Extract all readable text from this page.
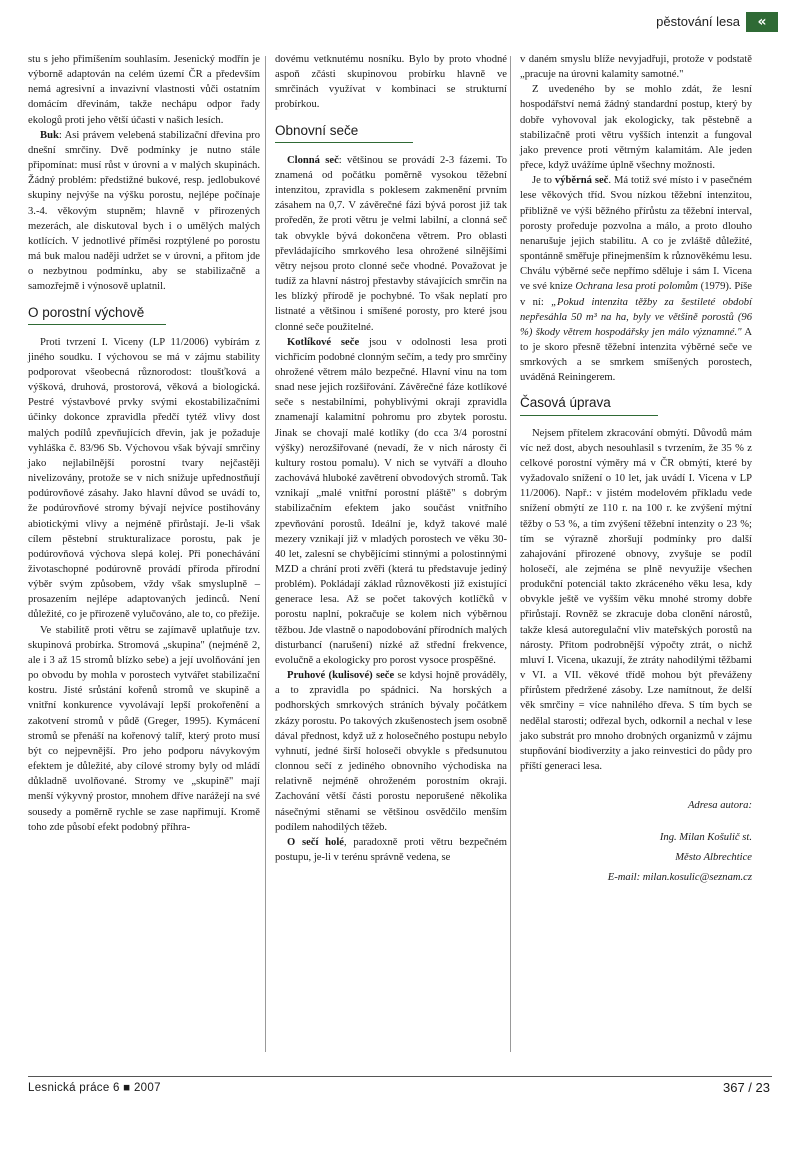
pěstování lesa	«

stu s jeho přimíšením souhlasím. Jesenický modřín je výborně adaptován na celém území ČR a především nemá agresivní a invazivní vlastnosti vůči ostatním domácím dřevinám, takže nechápu odpor řady ekologů proti jeho větší účasti v našich lesích.

Buk: Asi právem velebená stabilizační dřevina pro dnešní smrčiny. Dvě podmínky je nutno stále připomínat: musí růst v úrovni a v malých skupinách. Žádný problém: předstižné bukové, resp. jedlobukové skupiny nejvýše na výšku porostu, nejlépe počínaje 3.-4. věkovým stupněm; hlavně v přirozených mezerách, ale diskutoval bych i o umělých malých kotlících. V jednotlivé příměsi rozptýlené po porostu má buk malou naději udržet se v úrovni, a přitom jde o nezbytnou podmínku, aby se stabilizačně a samozřejmě i výnosově uplatnil.

O porostní výchově

Proti tvrzení I. Viceny (LP 11/2006) vybírám z jiného soudku. I výchovou se má v zájmu stability podporovat všeobecná různorodost: tloušťková a výšková, druhová, prostorová, věková a biologická. Pestré výstavbové prvky svými ekostabilizačními účinky dokonce zpravidla předčí tytéž vlivy dost malých podílů zpevňujících dřevin, jak je požaduje vyhláška č. 83/96 Sb. Výchovou však bývají smrčiny jako nejlabilnější porostní tvary nejčastěji nivelizovány, protože se v nich snižuje upřednostňují podúrovňové zásahy. Jako hlavní důvod se uvádí to, že podúrovňové stromy bývají nejvíce postihovány abiotickými vlivy a nejméně přirůstají. Je-li však cílem pěstební strukturalizace porostu, pak je podúrovňová výchova slepá kolej. Při ponechávání životaschopné podúrovně provádí příroda přírodní výběr svým způsobem, vždy však smysluplně – prosazením nejlépe adaptovaných jedinců. Není důležité, co je přirozeně vylučováno, ale to, co přežije.

Ve stabilitě proti větru se zajímavě uplatňuje tzv. skupinová probírka. Stromová „skupina" (nejméně 2, ale i 3 až 15 stromů blízko sebe) a její uvolňování jen po obvodu by mohla v porostech vytvářet stabilizační kostru. Jisté srůstání kořenů stromů ve skupině a vnitřní konkurence vyvolávají lepší prokořenění a zakotvení stromů v půdě (Greger, 1995). Kymácení stromů se přenáší na kořenový talíř, který proto musí být co nejpevnější. Pro jeho podporu návykovým efektem je důležité, aby cílové stromy byly od mládí důkladně uvolňované. Stromy ve „skupině" mají menší výkyvný prostor, mnohem dříve narážejí na své sousedy a poměrně rychle se zase napřimují. Kromě toho zde působí efekt podobný příhra-

dovému vetknutému nosníku. Bylo by proto vhodné aspoň zčásti skupinovou probírku hlavně ve smrčinách využívat v kombinaci se strukturní probírkou.

Obnovní seče

Clonná seč: většinou se provádí 2-3 fázemi. To znamená od počátku poměrně vysokou těžební intenzitou, zpravidla s poklesem zakmenění prvním zásahem na 0,7. V závěrečné fázi bývá porost již tak proředěn, že proti větru je velmi labilní, a clonná seč tak obvykle bývá dokončena větrem. Pro oblasti převládajícího smrkového lesa ohrožené silnějšími větry nejsou proto clonné seče vhodné. Považovat je tudíž za hlavní nástroj přestavby stávajících smrčin na les blízký přírodě je pochybné. To však neplatí pro listnaté a většinou i smíšené porosty, pro které jsou clonné seče použitelné.

Kotlíkové seče jsou v odolnosti lesa proti vichřicím podobné clonným sečím, a tedy pro smrčiny ohrožené větrem málo bezpečné. Hlavní vinu na tom snad nese jejich rozšiřování. Závěrečné fáze kotlíkové seče s nestabilními, pohyblivými okraji zpravidla znamenají kalamitní pohromu pro zbytek porostu. Jinak se chovají malé kotlíky (do cca 3/4 porostní výšky) nerozšiřované (nevadí, že v nich nárosty či kultury rostou pomalu). V nich se vytváří a dlouho zachovává hluboké zavětrení obvodových stromů. Tak vznikají „malé vnitřní porostní pláště" s dobrým stabilizačním efektem jako součást vnitřního zpevňování porostů. Ideální je, když takové malé mezery vznikají již v mladých porostech ve věku 30-40 let, zalesní se chybějícími stinnými a polostinnými MZD a chrání proti zvěři (která tu představuje jediný problém). Pokládají základ různověkosti již existující generace lesa. Až se počet takových kotlíčků v porostu naplní, pokračuje se kolem nich výběrnou těžbou. Jde vlastně o napodobování přírodních malých disturbancí (narušení) nízké až střední frekvence, evolučně a ekologicky pro porost vysoce prospěšné.

Pruhové (kulisové) seče se kdysi hojně prováděly, a to zpravidla po spádnici. Na horských a podhorských smrkových stráních bývaly počátkem zkázy porostu. Po takových zkušenostech jsem osobně dával přednost, když už z holosečného postupu nebylo vyhnutí, jedné širší holoseči obvykle s předsunutou clonnou sečí z jediného obnovního východiska na relativně nejméně ohroženém porostním okraji. Zachování větší části porostu neporušené několika násečnými stěnami se většinou osvědčilo menším podílem nahodilých těžeb.

O sečí holé, paradoxně proti větru bezpečném postupu, je-li v terénu správně vedena, se

v daném smyslu blíže nevyjadřuji, protože v podstatě „pracuje na úrovni kalamity samotné."

Z uvedeného by se mohlo zdát, že lesní hospodářství nemá žádný standardní postup, který by dobře vyhovoval jak ekologicky, tak pěstebně a stabilizačně proti větru vyšších intenzit a fungoval jako prevence proti větrným kalamitám. Ale jeden přece, když uvážíme úplně všechny možnosti.

Je to výběrná seč. Má totiž své místo i v pasečném lese věkových tříd. Svou nízkou těžební intenzitou, přibližně ve výši běžného přírůstu za těžební interval, porosty proředuje pozvolna a málo, a proto dlouho nenarušuje jejich stabilitu. A co je zvláště důležité, spontánně směřuje přinejmenším k různověkému lesu. Chválu výběrné seče nepřímo sděluje i sám I. Vicena ve své knize Ochrana lesa proti polomům (1979). Píše v ní: „Pokud intenzita těžby za šestileté období nepřesáhla 50 m³ na ha, byly ve většině porostů (96 %) škody větrem hospodářsky jen málo významné." A to je skoro přesně těžební intenzita výběrné seče ve smrkových a se smrkem smíšených porostech, uváděná Reiningerem.

Časová úprava

Nejsem přítelem zkracování obmýtí. Důvodů mám víc než dost, abych nesouhlasil s tvrzením, že 35 % z celkové porostní výměry má v ČR obmýtí, které by vyžadovalo snížení o 10 let, jak uvádí I. Vicena v LP 11/2006). Např.: v jistém modelovém příkladu vede snížení obmýtí ze 110 r. na 100 r. ke zvýšení mýtní těžby o 53 %, a tím zvýšení těžební intenzity o 23 %; tím se výrazně zhoršují podmínky pro další zahajování přirozené obnovy, zvyšuje se podíl holosečí, ale zejména se plně nevyužije všechen produkční potenciál takto zkráceného věku lesa, kdy obvykle ještě ve vyšším věku mnohé stromy dobře přirůstají. Rovněž se zkracuje doba clonění nárostů, takže klesá autoregulační vliv mateřských porostů na nárosty. Přitom podrobnější výpočty ztrát, o nichž mluví I. Vicena, ukazují, že ztráty nahodilými těžbami v VI. a VII. věkové třídě mohou být převáženy přírůstem předržené zásoby. Lze namítnout, že delší věk smrčiny = více nahnilého dřeva. S tím bych se nedělal starosti; odřezal bych, odkornil a nechal v lese jako substrát pro mnoho drobných organizmů v zájmu stupňování biodiverzity a jako reinvestici do půdy pro příští generaci lesa.

Adresa autora:
Ing. Milan Košulič st.
Město Albrechtice
E-mail: milan.kosulic@seznam.cz
Lesnická práce 6 ■ 2007	367 / 23
